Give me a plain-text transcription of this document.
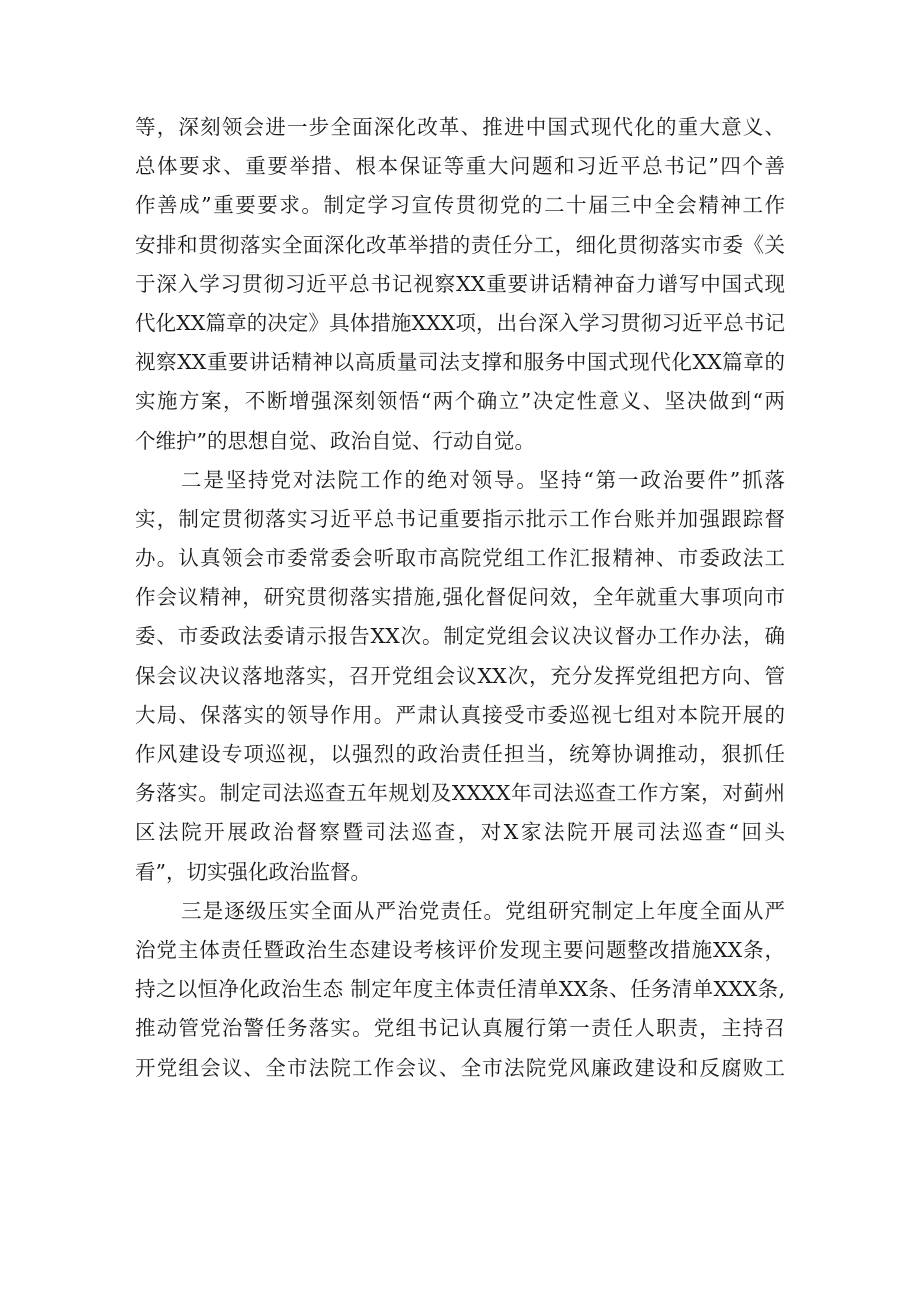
等，深刻领会进一步全面深化改革、推进中国式现代化的重大意义、
总体要求、重要举措、根本保证等重大问题和习近平总书记”四个善
作善成”重要要求。制定学习宣传贯彻党的二十届三中全会精神工作
安排和贯彻落实全面深化改革举措的责任分工，细化贯彻落实市委《关
于深入学习贯彻习近平总书记视察XX重要讲话精神奋力谱写中国式现
代化XX篇章的决定》具体措施XXX项，出台深入学习贯彻习近平总书记
视察XX重要讲话精神以高质量司法支撑和服务中国式现代化XX篇章的
实施方案，不断增强深刻领悟“两个确立”决定性意义、坚决做到“两
个维护”的思想自觉、政治自觉、行动自觉。
二是坚持党对法院工作的绝对领导。坚持“第一政治要件”抓落
实，制定贯彻落实习近平总书记重要指示批示工作台账并加强跟踪督
办。认真领会市委常委会听取市高院党组工作汇报精神、市委政法工
作会议精神，研究贯彻落实措施,强化督促问效，全年就重大事项向市
委、市委政法委请示报告XX次。制定党组会议决议督办工作办法，确
保会议决议落地落实，召开党组会议XX次，充分发挥党组把方向、管
大局、保落实的领导作用。严肃认真接受市委巡视七组对本院开展的
作风建设专项巡视，以强烈的政治责任担当，统筹协调推动，狠抓任
务落实。制定司法巡查五年规划及XXXX年司法巡查工作方案，对蓟州
区法院开展政治督察暨司法巡查，对X家法院开展司法巡查“回头
看”，切实强化政治监督。
三是逐级压实全面从严治党责任。党组研究制定上年度全面从严
治党主体责任暨政治生态建设考核评价发现主要问题整改措施XX条，
持之以恒净化政治生态 制定年度主体责任清单XX条、任务清单XXX条,
推动管党治警任务落实。党组书记认真履行第一责任人职责，主持召
开党组会议、全市法院工作会议、全市法院党风廉政建设和反腐败工
